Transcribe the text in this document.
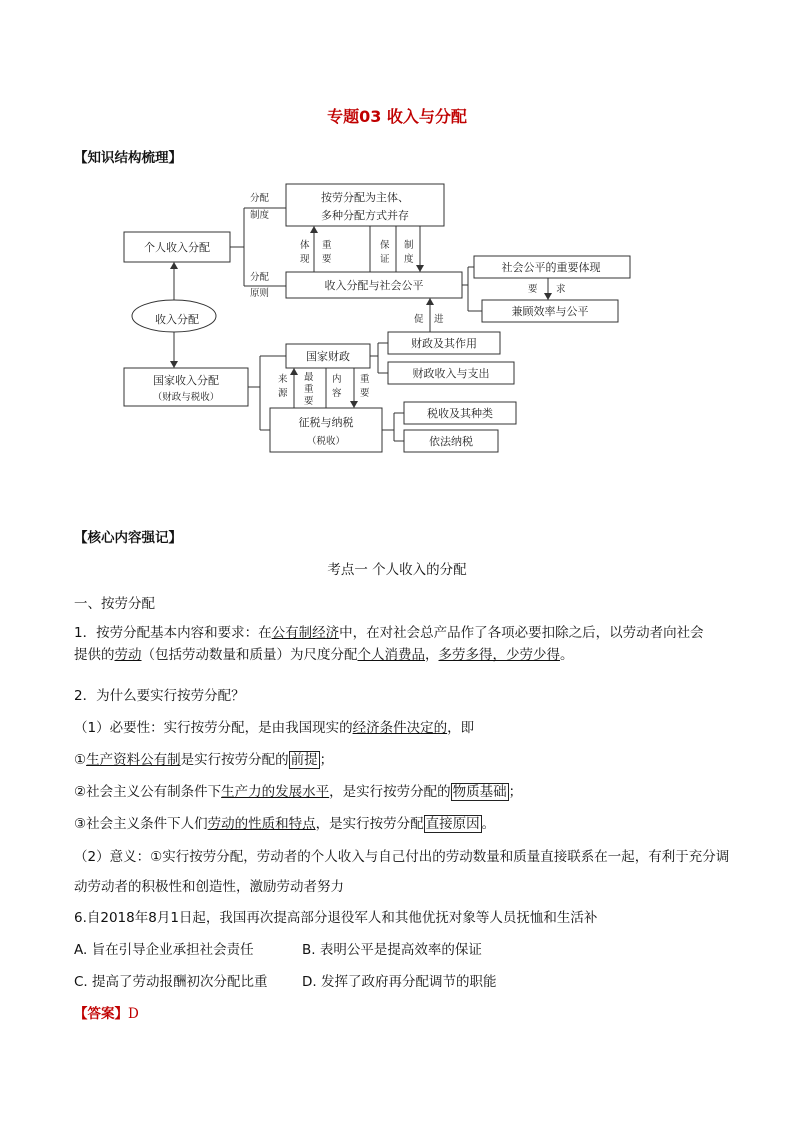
专题03 收入与分配
【知识结构梳理】
收入分配
个人收入分配
国家收入分配
（财政与税收）
按劳分配为主体、
多种分配方式并存
收入分配与社会公平
社会公平的重要体现
兼顾效率与公平
国家财政
财政及其作用
财政收入与支出
征税与纳税
（税收）
税收及其种类
依法纳税
分配
制度
分配
原则
体
现
重
要
保
证
制
度
要 求
促 进
来
源
最
重
要
内
容
重
要
【核心内容强记】
考点一 个人收入的分配
一、按劳分配
1．按劳分配基本内容和要求：在公有制经济中，在对社会总产品作了各项必要扣除之后，以劳动者向社会
提供的劳动（包括劳动数量和质量）为尺度分配个人消费品，多劳多得，少劳少得。
2．为什么要实行按劳分配？
（1）必要性：实行按劳分配，是由我国现实的经济条件决定的，即
①生产资料公有制是实行按劳分配的 前提 ；
②社会主义公有制条件下生产力的发展水平，是实行按劳分配的 物质基础 ；
③社会主义条件下人们劳动的性质和特点，是实行按劳分配 直接原因 。
（2）意义：①实行按劳分配，劳动者的个人收入与自己付出的劳动数量和质量直接联系在一起，有利于充分调动劳动者的积极性和创造性，激励劳动者努力
6.自2018年8月1日起，我国再次提高部分退役军人和其他优抚对象等人员抚恤和生活补
A. 旨在引导企业承担社会责任	B. 表明公平是提高效率的保证
C. 提高了劳动报酬初次分配比重	D. 发挥了政府再分配调节的职能
【答案】D
